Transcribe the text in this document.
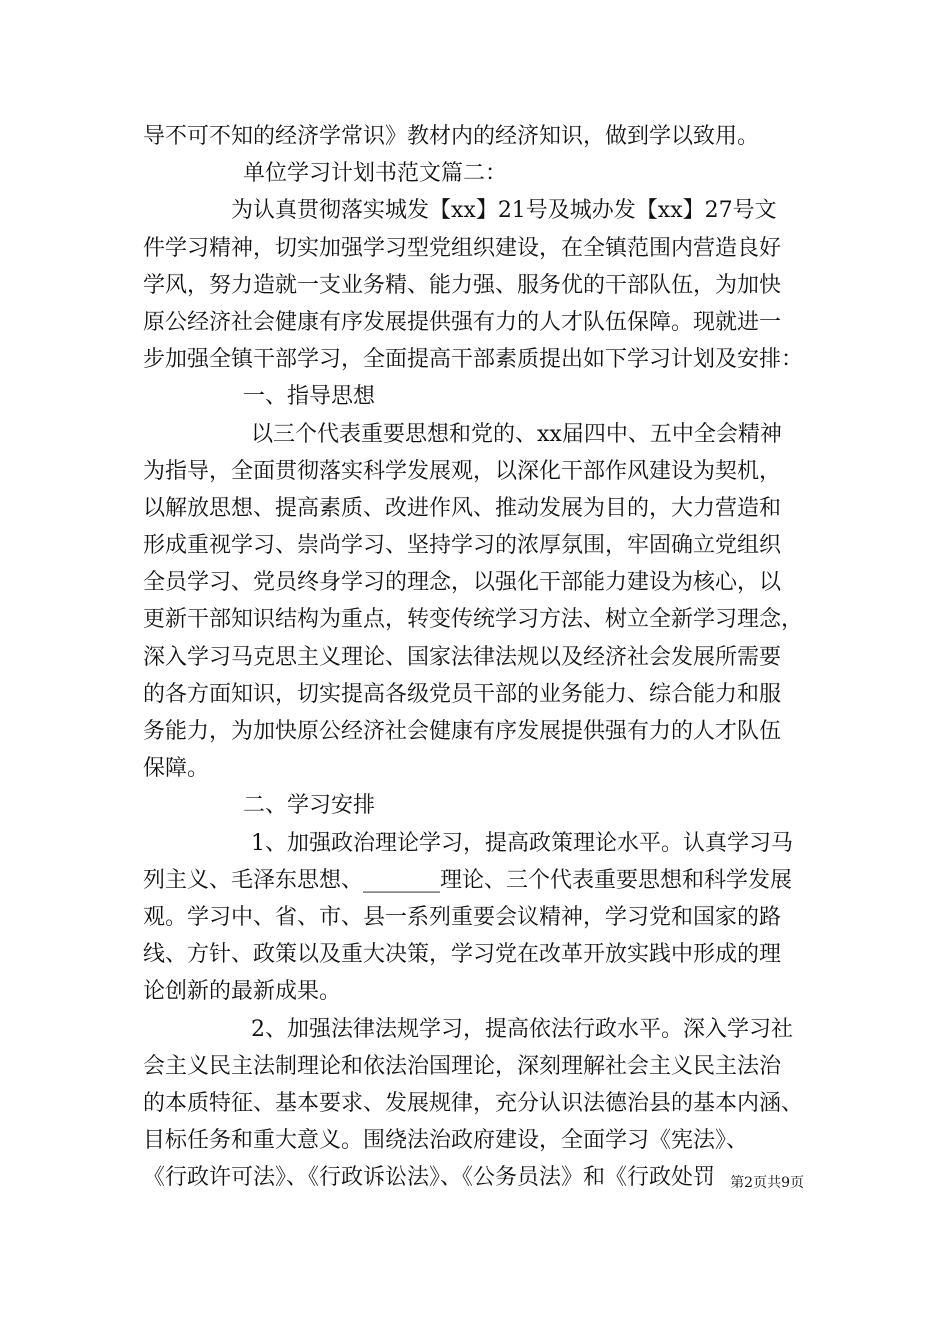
导不可不知的经济学常识》教材内的经济知识，做到学以致用。
单位学习计划书范文篇二：
为认真贯彻落实城发【xx】21号及城办发【xx】27号文
件学习精神，切实加强学习型党组织建设，在全镇范围内营造良好
学风，努力造就一支业务精、能力强、服务优的干部队伍，为加快
原公经济社会健康有序发展提供强有力的人才队伍保障。现就进一
步加强全镇干部学习，全面提高干部素质提出如下学习计划及安排：
一、指导思想
以三个代表重要思想和党的、xx届四中、五中全会精神
为指导，全面贯彻落实科学发展观，以深化干部作风建设为契机，
以解放思想、提高素质、改进作风、推动发展为目的，大力营造和
形成重视学习、崇尚学习、坚持学习的浓厚氛围，牢固确立党组织
全员学习、党员终身学习的理念，以强化干部能力建设为核心，以
更新干部知识结构为重点，转变传统学习方法、树立全新学习理念，
深入学习马克思主义理论、国家法律法规以及经济社会发展所需要
的各方面知识，切实提高各级党员干部的业务能力、综合能力和服
务能力，为加快原公经济社会健康有序发展提供强有力的人才队伍
保障。
二、学习安排
1、加强政治理论学习，提高政策理论水平。认真学习马
列主义、毛泽东思想、_______理论、三个代表重要思想和科学发展
观。学习中、省、市、县一系列重要会议精神，学习党和国家的路
线、方针、政策以及重大决策，学习党在改革开放实践中形成的理
论创新的最新成果。
2、加强法律法规学习，提高依法行政水平。深入学习社
会主义民主法制理论和依法治国理论，深刻理解社会主义民主法治
的本质特征、基本要求、发展规律，充分认识法德治县的基本内涵、
目标任务和重大意义。围绕法治政府建设，全面学习《宪法》、
《行政许可法》、《行政诉讼法》、《公务员法》和《行政处罚	第2页共9页
